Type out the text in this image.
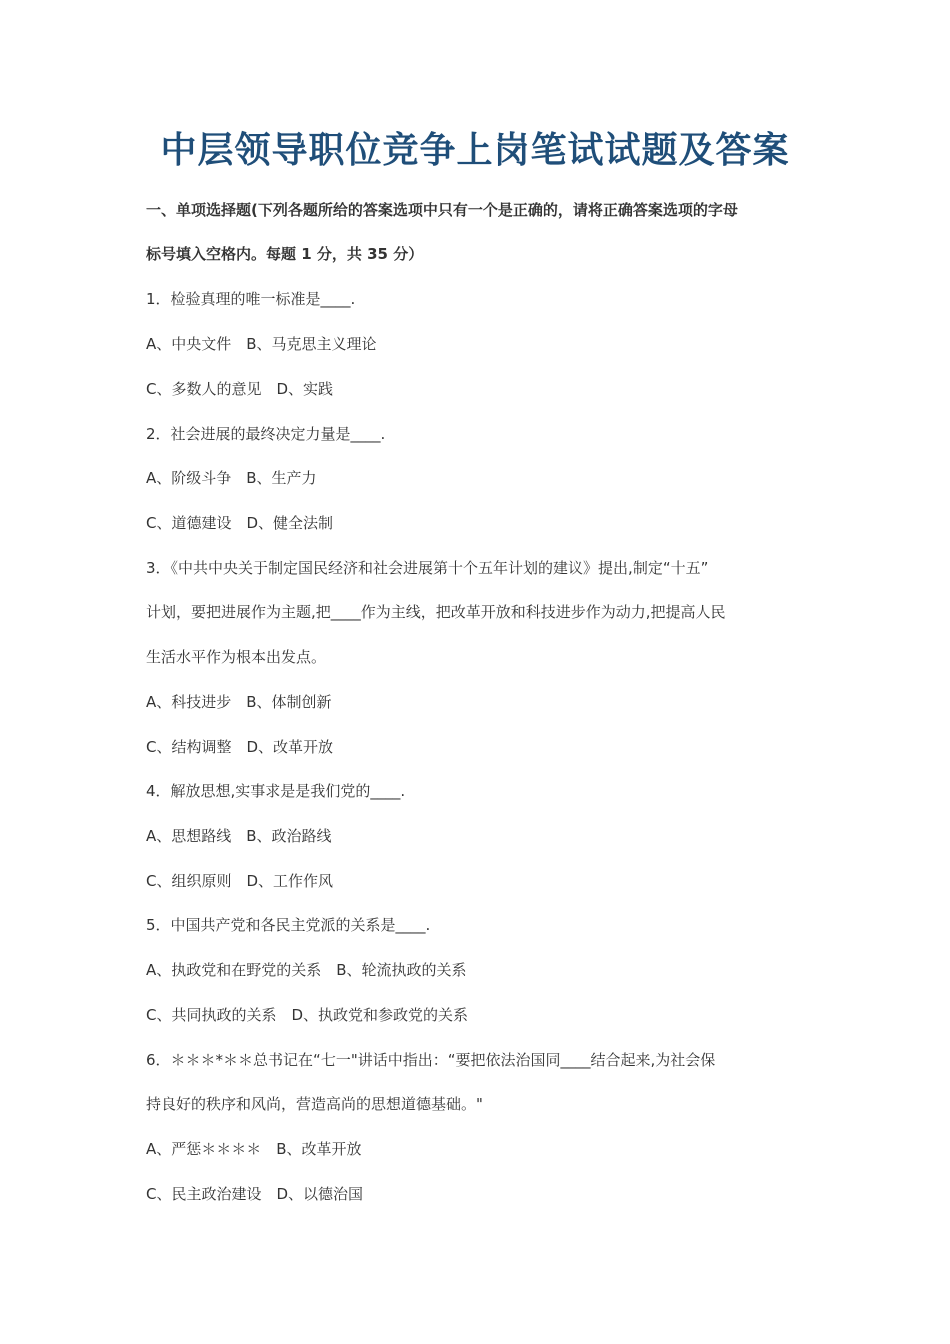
中层领导职位竞争上岗笔试试题及答案
一、单项选择题(下列各题所给的答案选项中只有一个是正确的，请将正确答案选项的字母
标号填入空格内。每题 1 分，共 35 分）
1．检验真理的唯一标准是____.
A、中央文件　B、马克思主义理论
C、多数人的意见　D、实践
2．社会进展的最终决定力量是____.
A、阶级斗争　B、生产力
C、道德建设　D、健全法制
3．《中共中央关于制定国民经济和社会进展第十个五年计划的建议》提出,制定“十五”
计划，要把进展作为主题,把____作为主线，把改革开放和科技进步作为动力,把提高人民
生活水平作为根本出发点。
A、科技进步　B、体制创新
C、结构调整　D、改革开放
4．解放思想,实事求是是我们党的____.
A、思想路线　B、政治路线
C、组织原则　D、工作作风
5．中国共产党和各民主党派的关系是____.
A、执政党和在野党的关系　B、轮流执政的关系
C、共同执政的关系　D、执政党和参政党的关系
6．＊＊＊*＊＊总书记在“七一"讲话中指出：“要把依法治国同____结合起来,为社会保
持良好的秩序和风尚，营造高尚的思想道德基础。"
A、严惩＊＊＊＊　B、改革开放
C、民主政治建设　D、以德治国
